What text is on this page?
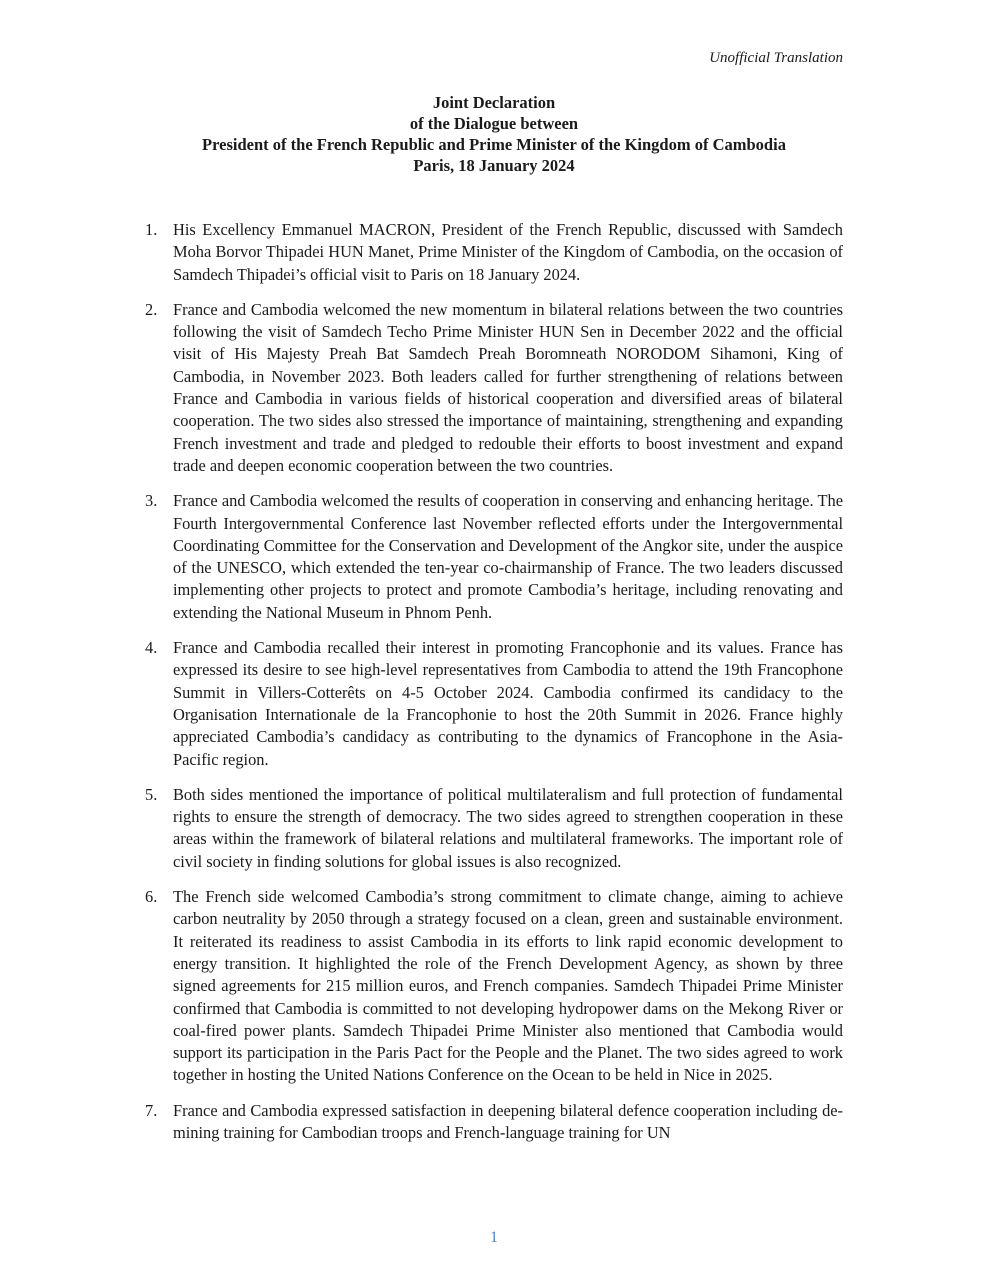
Unofficial Translation
Joint Declaration
of the Dialogue between
President of the French Republic and Prime Minister of the Kingdom of Cambodia
Paris, 18 January 2024
1. His Excellency Emmanuel MACRON, President of the French Republic, discussed with Samdech Moha Borvor Thipadei HUN Manet, Prime Minister of the Kingdom of Cambodia, on the occasion of Samdech Thipadei’s official visit to Paris on 18 January 2024.
2. France and Cambodia welcomed the new momentum in bilateral relations between the two countries following the visit of Samdech Techo Prime Minister HUN Sen in December 2022 and the official visit of His Majesty Preah Bat Samdech Preah Boromneath NORODOM Sihamoni, King of Cambodia, in November 2023. Both leaders called for further strengthening of relations between France and Cambodia in various fields of historical cooperation and diversified areas of bilateral cooperation. The two sides also stressed the importance of maintaining, strengthening and expanding French investment and trade and pledged to redouble their efforts to boost investment and expand trade and deepen economic cooperation between the two countries.
3. France and Cambodia welcomed the results of cooperation in conserving and enhancing heritage. The Fourth Intergovernmental Conference last November reflected efforts under the Intergovernmental Coordinating Committee for the Conservation and Development of the Angkor site, under the auspice of the UNESCO, which extended the ten-year co-chairmanship of France. The two leaders discussed implementing other projects to protect and promote Cambodia’s heritage, including renovating and extending the National Museum in Phnom Penh.
4. France and Cambodia recalled their interest in promoting Francophonie and its values. France has expressed its desire to see high-level representatives from Cambodia to attend the 19th Francophone Summit in Villers-Cotterêts on 4-5 October 2024. Cambodia confirmed its candidacy to the Organisation Internationale de la Francophonie to host the 20th Summit in 2026. France highly appreciated Cambodia’s candidacy as contributing to the dynamics of Francophone in the Asia-Pacific region.
5. Both sides mentioned the importance of political multilateralism and full protection of fundamental rights to ensure the strength of democracy. The two sides agreed to strengthen cooperation in these areas within the framework of bilateral relations and multilateral frameworks. The important role of civil society in finding solutions for global issues is also recognized.
6. The French side welcomed Cambodia’s strong commitment to climate change, aiming to achieve carbon neutrality by 2050 through a strategy focused on a clean, green and sustainable environment. It reiterated its readiness to assist Cambodia in its efforts to link rapid economic development to energy transition. It highlighted the role of the French Development Agency, as shown by three signed agreements for 215 million euros, and French companies. Samdech Thipadei Prime Minister confirmed that Cambodia is committed to not developing hydropower dams on the Mekong River or coal-fired power plants. Samdech Thipadei Prime Minister also mentioned that Cambodia would support its participation in the Paris Pact for the People and the Planet. The two sides agreed to work together in hosting the United Nations Conference on the Ocean to be held in Nice in 2025.
7. France and Cambodia expressed satisfaction in deepening bilateral defence cooperation including de-mining training for Cambodian troops and French-language training for UN
1
